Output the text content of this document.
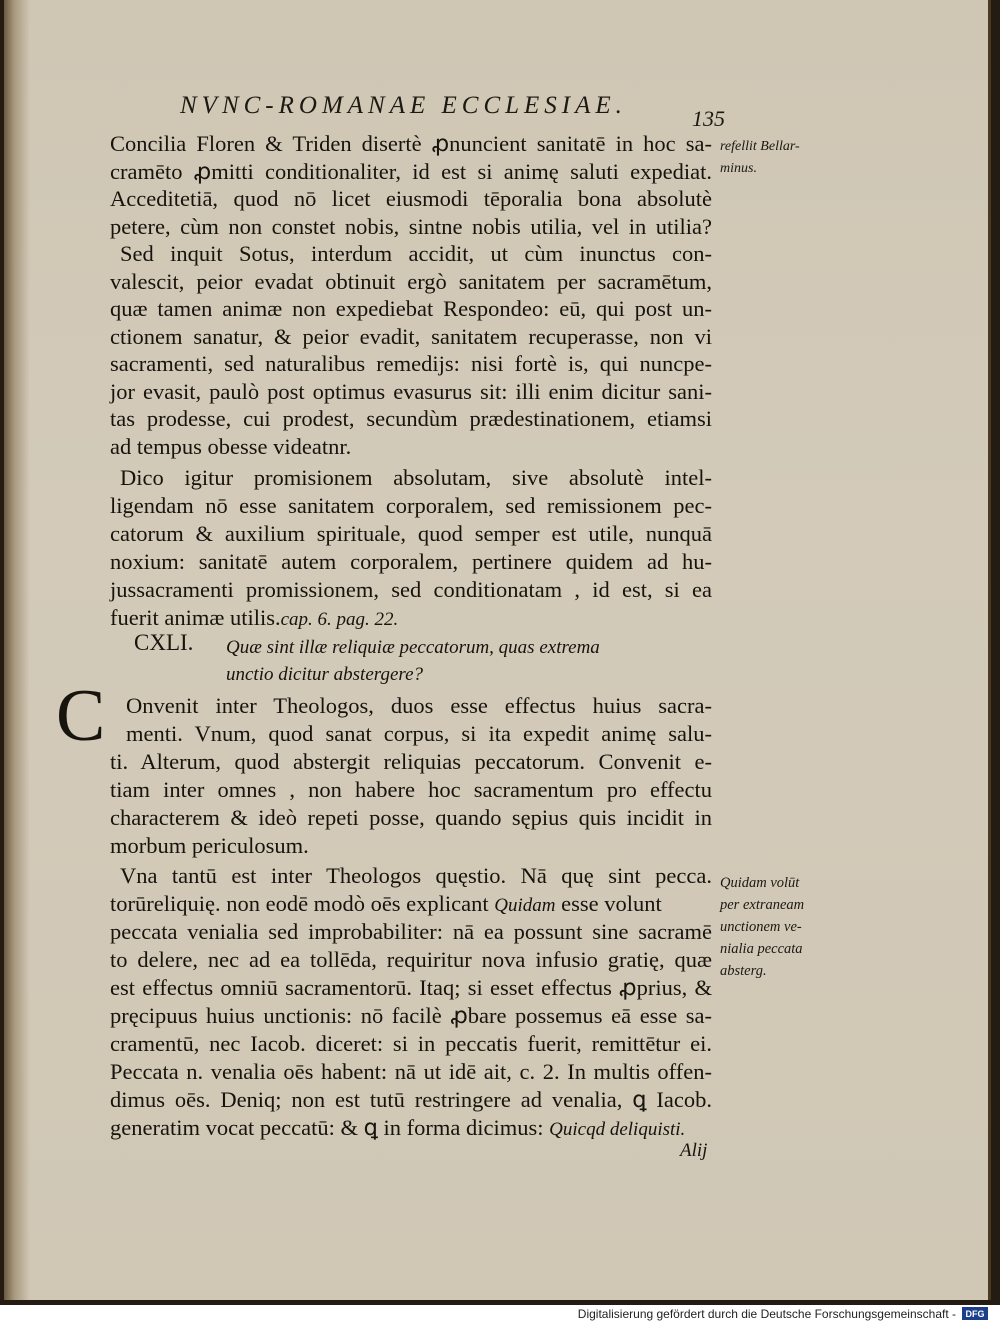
NVNC-ROMANAE ECCLESIAE.	135
Concilia Floren & Triden disertè ꝓnuncient sanitatē in hoc sa-
cramēto ꝓmitti conditionaliter, id est si animę saluti expediat.
Acceditetiā, quod nō licet eiusmodi tēporalia bona absolutè
petere, cùm non constet nobis, sintne nobis utilia, vel in utilia?
Sed inquit Sotus, interdum accidit, ut cùm inunctus con-
valescit, peior evadat obtinuit ergò sanitatem per sacramētum,
quæ tamen animæ non expediebat Respondeo: eū, qui post un-
ctionem sanatur, & peior evadit, sanitatem recuperasse, non vi
sacramenti, sed naturalibus remedijs: nisi fortè is, qui nuncpe-
jor evasit, paulò post optimus evasurus sit: illi enim dicitur sani-
tas prodesse, cui prodest, secundùm prædestinationem, etiamsi
ad tempus obesse videatnr.
Dico igitur promisionem absolutam, sive absolutè intel-
ligendam nō esse sanitatem corporalem, sed remissionem pec-
catorum & auxilium spirituale, quod semper est utile, nunquā
noxium: sanitatē autem corporalem, pertinere quidem ad hu-
jussacramenti promissionem, sed conditionatam , id est, si ea
CXLI. Quæ sint illæ reliquiæ peccatorum, quas extrema
unctio dicitur abstergere?
C Onvenit inter Theologos, duos esse effectus huius sacra-
menti. Vnum, quod sanat corpus, si ita expedit animę salu-
ti. Alterum, quod abstergit reliquias peccatorum. Convenit e-
tiam inter omnes , non habere hoc sacramentum pro effectu
characterem & ideò repeti posse, quando sępius quis incidit in
morbum periculosum.
Vna tantū est inter Theologos quęstio. Nā quę sint pecca.
torūreliquię. non eodē modò oēs explicant Quidam esse volunt
peccata venialia sed improbabiliter: nā ea possunt sine sacramē
to delere, nec ad ea tollēda, requiritur nova infusio gratię, quæ
est effectus omniū sacramentorū. Itaq; si esset effectus ꝓprius, &
pręcipuus huius unctionis: nō facilè ꝓbare possemus eā esse sa-
cramentū, nec Iacob. diceret: si in peccatis fuerit, remittētur ei.
Peccata n. venalia oēs habent: nā ut idē ait, c. 2. In multis offen-
dimus oēs. Deniq; non est tutū restringere ad venalia, ꝗ Iacob.
generatim vocat peccatū: & ꝗ in forma dicimus: Quicqd deliquisti.
Alij
refellit Bellar-
minus.
Quidam volūt
per extraneam
unctionem ve-
nialia peccata
absterg.
fuerit animæ utilis.cap. 6. pag. 22.
Digitalisierung gefördert durch die Deutsche Forschungsgemeinschaft -	DFG
